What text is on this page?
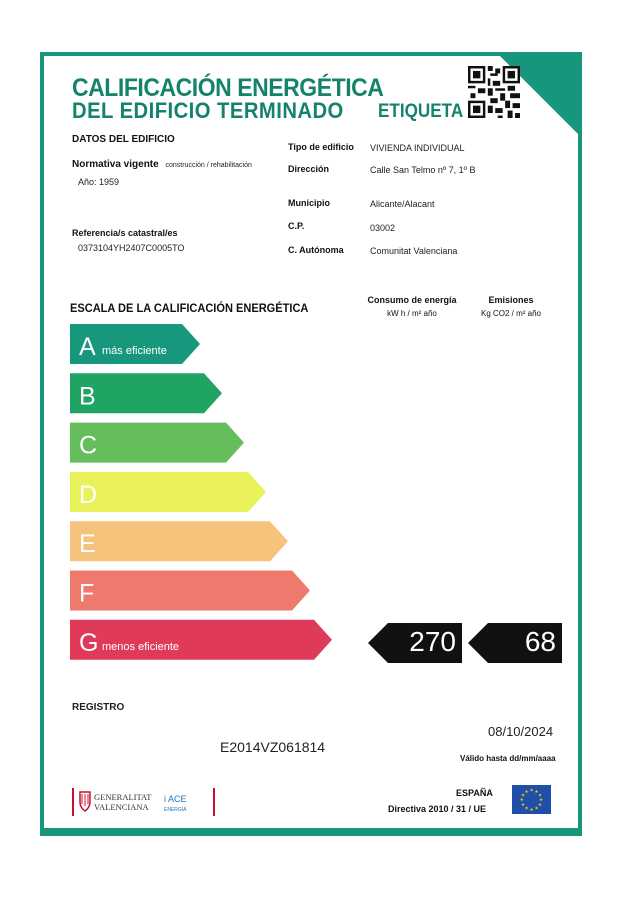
CALIFICACIÓN ENERGÉTICA
DEL EDIFICIO TERMINADO ETIQUETA
DATOS DEL EDIFICIO
Normativa vigente construcción / rehabilitación
Año: 1959
Referencia/s catastral/es
0373104YH2407C0005TO
Tipo de edificio VIVIENDA INDIVIDUAL
Dirección	Calle San Telmo nº 7, 1º B
Municipio	Alicante/Alacant
C.P.	03002
C. Autónoma	Comunitat Valenciana
ESCALA DE LA CALIFICACIÓN ENERGÉTICA
Consumo de energía
kW h / m² año
Emisiones
Kg CO2 / m² año
A más eficiente
B
C
D
E
F
G menos eficiente	270 68
REGISTRO
E2014VZ061814
08/10/2024
Válido hasta dd/mm/aaaa
GENERALITAT
VALENCIANA
i ACE
ENERGÍA
ESPAÑA
Directiva 2010 / 31 / UE
★ ★
★
★
★
★
★
★
★
★
★
★
